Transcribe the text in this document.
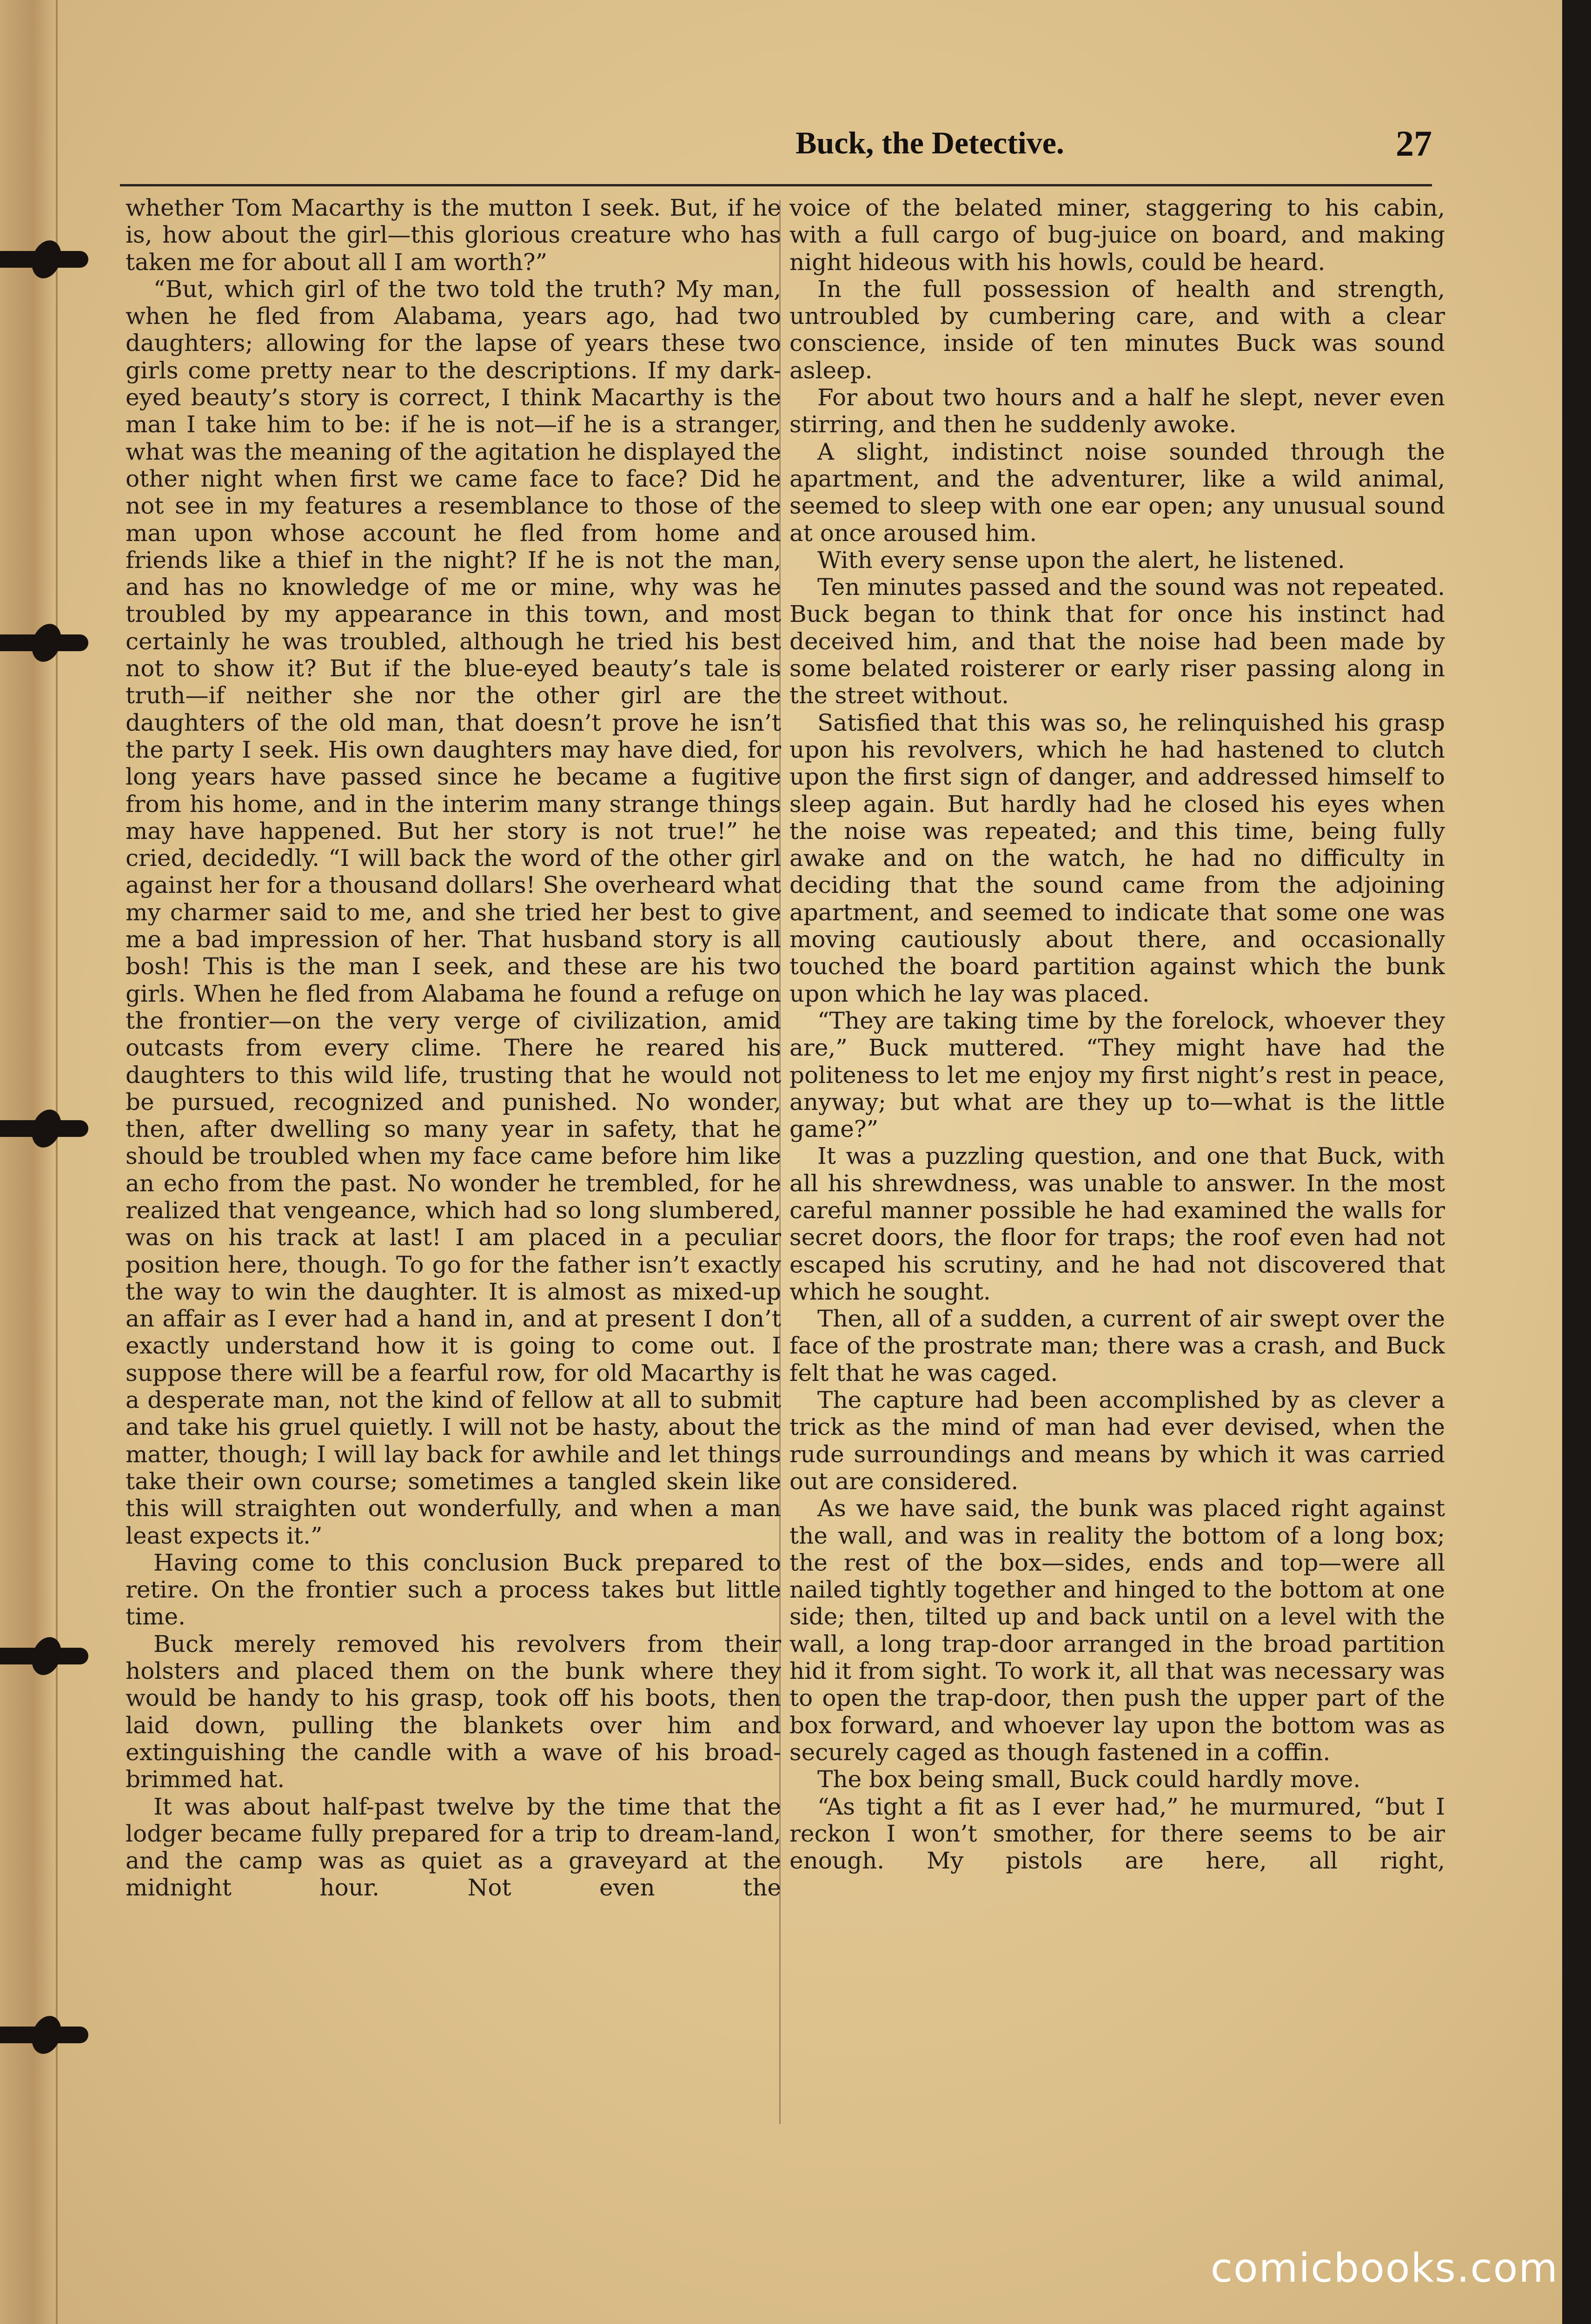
Buck, the Detective.	27

whether Tom Macarthy is the mutton I seek. But, if he is, how about the girl—this glorious creature who has taken me for about all I am worth?”

“But, which girl of the two told the truth? My man, when he fled from Alabama, years ago, had two daughters; allowing for the lapse of years these two girls come pretty near to the descriptions. If my dark-eyed beauty’s story is correct, I think Macarthy is the man I take him to be: if he is not—if he is a stranger, what was the meaning of the agitation he displayed the other night when first we came face to face? Did he not see in my features a resemblance to those of the man upon whose account he fled from home and friends like a thief in the night? If he is not the man, and has no knowledge of me or mine, why was he troubled by my appearance in this town, and most certainly he was troubled, although he tried his best not to show it? But if the blue-eyed beauty’s tale is truth—if neither she nor the other girl are the daughters of the old man, that doesn’t prove he isn’t the party I seek. His own daughters may have died, for long years have passed since he became a fugitive from his home, and in the interim many strange things may have happened. But her story is not true!” he cried, decidedly. “I will back the word of the other girl against her for a thousand dollars! She overheard what my charmer said to me, and she tried her best to give me a bad impression of her. That husband story is all bosh! This is the man I seek, and these are his two girls. When he fled from Alabama he found a refuge on the frontier—on the very verge of civilization, amid outcasts from every clime. There he reared his daughters to this wild life, trusting that he would not be pursued, recognized and punished. No wonder, then, after dwelling so many year in safety, that he should be troubled when my face came before him like an echo from the past. No wonder he trembled, for he realized that vengeance, which had so long slumbered, was on his track at last! I am placed in a peculiar position here, though. To go for the father isn’t exactly the way to win the daughter. It is almost as mixed-up an affair as I ever had a hand in, and at present I don’t exactly understand how it is going to come out. I suppose there will be a fearful row, for old Macarthy is a desperate man, not the kind of fellow at all to submit and take his gruel quietly. I will not be hasty, about the matter, though; I will lay back for awhile and let things take their own course; sometimes a tangled skein like this will straighten out wonderfully, and when a man least expects it.”

Having come to this conclusion Buck prepared to retire. On the frontier such a process takes but little time.

Buck merely removed his revolvers from their holsters and placed them on the bunk where they would be handy to his grasp, took off his boots, then laid down, pulling the blankets over him and extinguishing the candle with a wave of his broad-brimmed hat.

It was about half-past twelve by the time that the lodger became fully prepared for a trip to dream-land, and the camp was as quiet as a graveyard at the midnight hour. Not even the

voice of the belated miner, staggering to his cabin, with a full cargo of bug-juice on board, and making night hideous with his howls, could be heard.

In the full possession of health and strength, untroubled by cumbering care, and with a clear conscience, inside of ten minutes Buck was sound asleep.

For about two hours and a half he slept, never even stirring, and then he suddenly awoke.

A slight, indistinct noise sounded through the apartment, and the adventurer, like a wild animal, seemed to sleep with one ear open; any unusual sound at once aroused him.

With every sense upon the alert, he listened.

Ten minutes passed and the sound was not repeated. Buck began to think that for once his instinct had deceived him, and that the noise had been made by some belated roisterer or early riser passing along in the street without.

Satisfied that this was so, he relinquished his grasp upon his revolvers, which he had hastened to clutch upon the first sign of danger, and addressed himself to sleep again. But hardly had he closed his eyes when the noise was repeated; and this time, being fully awake and on the watch, he had no difficulty in deciding that the sound came from the adjoining apartment, and seemed to indicate that some one was moving cautiously about there, and occasionally touched the board partition against which the bunk upon which he lay was placed.

“They are taking time by the forelock, whoever they are,” Buck muttered. “They might have had the politeness to let me enjoy my first night’s rest in peace, anyway; but what are they up to—what is the little game?”

It was a puzzling question, and one that Buck, with all his shrewdness, was unable to answer. In the most careful manner possible he had examined the walls for secret doors, the floor for traps; the roof even had not escaped his scrutiny, and he had not discovered that which he sought.

Then, all of a sudden, a current of air swept over the face of the prostrate man; there was a crash, and Buck felt that he was caged.

The capture had been accomplished by as clever a trick as the mind of man had ever devised, when the rude surroundings and means by which it was carried out are considered.

As we have said, the bunk was placed right against the wall, and was in reality the bottom of a long box; the rest of the box—sides, ends and top—were all nailed tightly together and hinged to the bottom at one side; then, tilted up and back until on a level with the wall, a long trap-door arranged in the broad partition hid it from sight. To work it, all that was necessary was to open the trap-door, then push the upper part of the box forward, and whoever lay upon the bottom was as securely caged as though fastened in a coffin.

The box being small, Buck could hardly move.

“As tight a fit as I ever had,” he murmured, “but I reckon I won’t smother, for there seems to be air enough. My pistols are here, all right,

comicbooks.com
